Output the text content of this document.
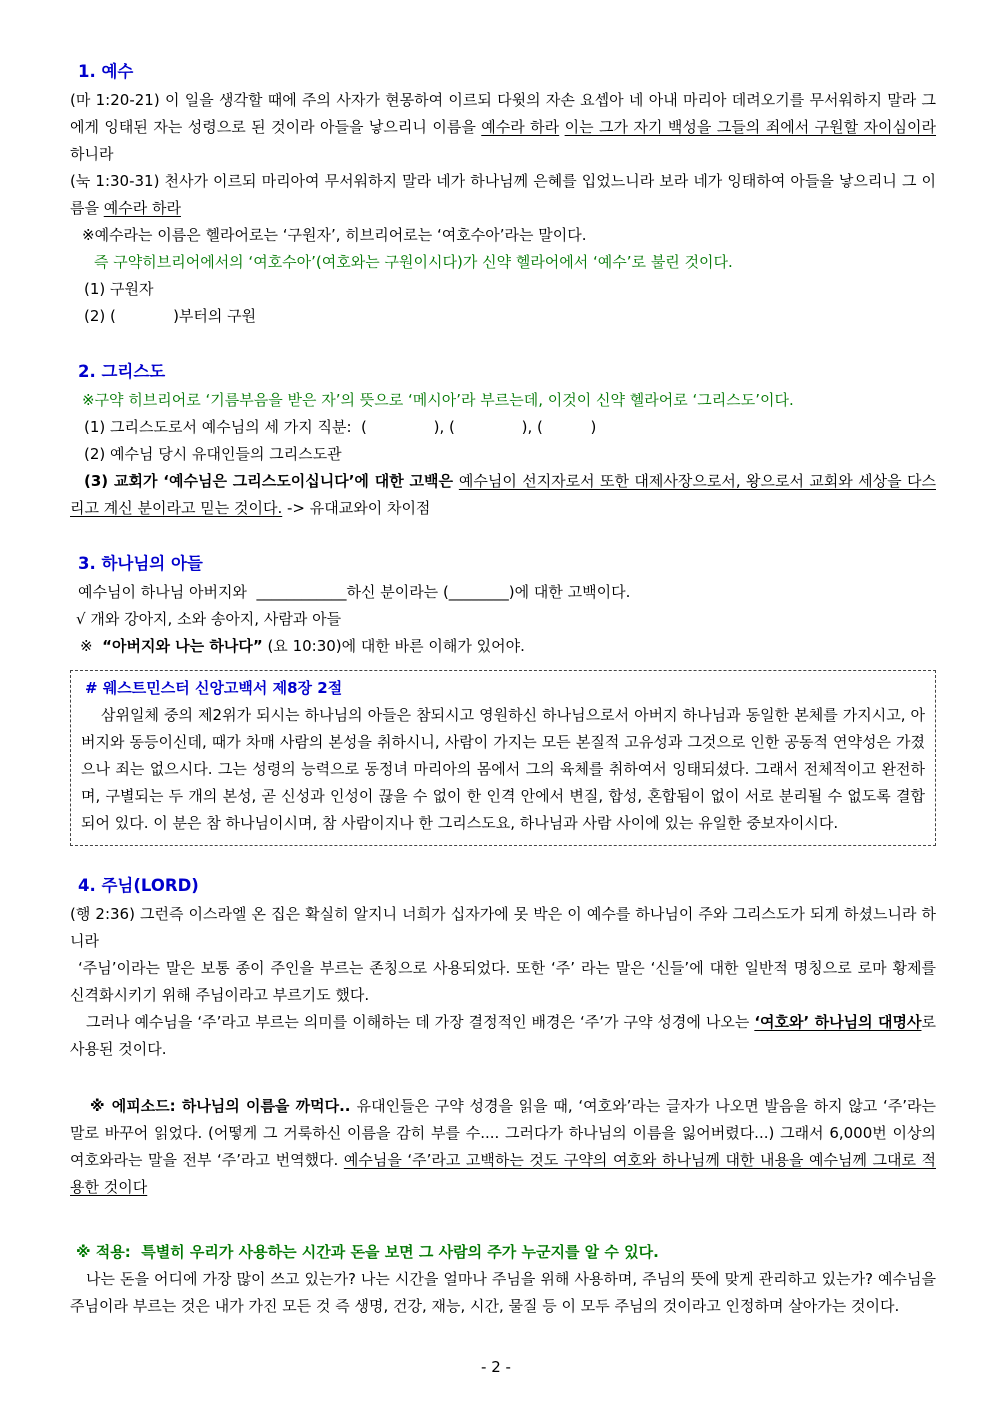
1. 예수

(마 1:20-21) 이 일을 생각할 때에 주의 사자가 현몽하여 이르되 다윗의 자손 요셉아 네 아내 마리아 데려오기를 무서워하지 말라 그에게 잉태된 자는 성령으로 된 것이라 아들을 낳으리니 이름을 예수라 하라 이는 그가 자기 백성을 그들의 죄에서 구원할 자이심이라 하니라

(눅 1:30-31) 천사가 이르되 마리아여 무서워하지 말라 네가 하나님께 은혜를 입었느니라 보라 네가 잉태하여 아들을 낳으리니 그 이름을 예수라 하라

※예수라는 이름은 헬라어로는 ‘구원자’, 히브리어로는 ‘여호수아’라는 말이다.

즉 구약히브리어에서의 ‘여호수아’(여호와는 구원이시다)가 신약 헬라어에서 ‘예수’로 불린 것이다.

(1) 구원자

(2) (            )부터의 구원

2. 그리스도

※구약 히브리어로 ‘기름부음을 받은 자’의 뜻으로 ‘메시아’라 부르는데, 이것이 신약 헬라어로 ‘그리스도’이다.

(1) 그리스도로서 예수님의 세 가지 직분:  (              ), (              ), (          )

(2) 예수님 당시 유대인들의 그리스도관

(3) 교회가 ‘예수님은 그리스도이십니다’에 대한 고백은 예수님이 선지자로서 또한 대제사장으로서, 왕으로서 교회와 세상을 다스리고 계신 분이라고 믿는 것이다. -> 유대교와이 차이점

3. 하나님의 아들

예수님이 하나님 아버지와  ____________하신 분이라는 (________)에 대한 고백이다.

√ 개와 강아지, 소와 송아지, 사람과 아들

※  “아버지와 나는 하나다” (요 10:30)에 대한 바른 이해가 있어야.

# 웨스트민스터 신앙고백서 제8장 2절

삼위일체 중의 제2위가 되시는 하나님의 아들은 참되시고 영원하신 하나님으로서 아버지 하나님과 동일한 본체를 가지시고, 아버지와 동등이신데, 때가 차매 사람의 본성을 취하시니, 사람이 가지는 모든 본질적 고유성과 그것으로 인한 공동적 연약성은 가졌으나 죄는 없으시다. 그는 성령의 능력으로 동정녀 마리아의 몸에서 그의 육체를 취하여서 잉태되셨다. 그래서 전체적이고 완전하며, 구별되는 두 개의 본성, 곧 신성과 인성이 끊을 수 없이 한 인격 안에서 변질, 합성, 혼합됨이 없이 서로 분리될 수 없도록 결합되어 있다. 이 분은 참 하나님이시며, 참 사람이지나 한 그리스도요, 하나님과 사람 사이에 있는 유일한 중보자이시다.

4. 주님(LORD)

(행 2:36) 그런즉 이스라엘 온 집은 확실히 알지니 너희가 십자가에 못 박은 이 예수를 하나님이 주와 그리스도가 되게 하셨느니라 하니라

‘주님’이라는 말은 보통 종이 주인을 부르는 존칭으로 사용되었다. 또한 ‘주’ 라는 말은 ‘신들’에 대한 일반적 명칭으로 로마 황제를 신격화시키기 위해 주님이라고 부르기도 했다.

그러나 예수님을 ‘주’라고 부르는 의미를 이해하는 데 가장 결정적인 배경은 ‘주’가 구약 성경에 나오는 ‘여호와’ 하나님의 대명사로 사용된 것이다.

※ 에피소드: 하나님의 이름을 까먹다.. 유대인들은 구약 성경을 읽을 때, ‘여호와’라는 글자가 나오면 발음을 하지 않고 ‘주’라는 말로 바꾸어 읽었다. (어떻게 그 거룩하신 이름을 감히 부를 수.... 그러다가 하나님의 이름을 잃어버렸다...) 그래서 6,000번 이상의 여호와라는 말을 전부 ‘주’라고 번역했다. 예수님을 ‘주’라고 고백하는 것도 구약의 여호와 하나님께 대한 내용을 예수님께 그대로 적용한 것이다

※ 적용:  특별히 우리가 사용하는 시간과 돈을 보면 그 사람의 주가 누군지를 알 수 있다.

나는 돈을 어디에 가장 많이 쓰고 있는가? 나는 시간을 얼마나 주님을 위해 사용하며, 주님의 뜻에 맞게 관리하고 있는가? 예수님을 주님이라 부르는 것은 내가 가진 모든 것 즉 생명, 건강, 재능, 시간, 물질 등 이 모두 주님의 것이라고 인정하며 살아가는 것이다.

- 2 -
